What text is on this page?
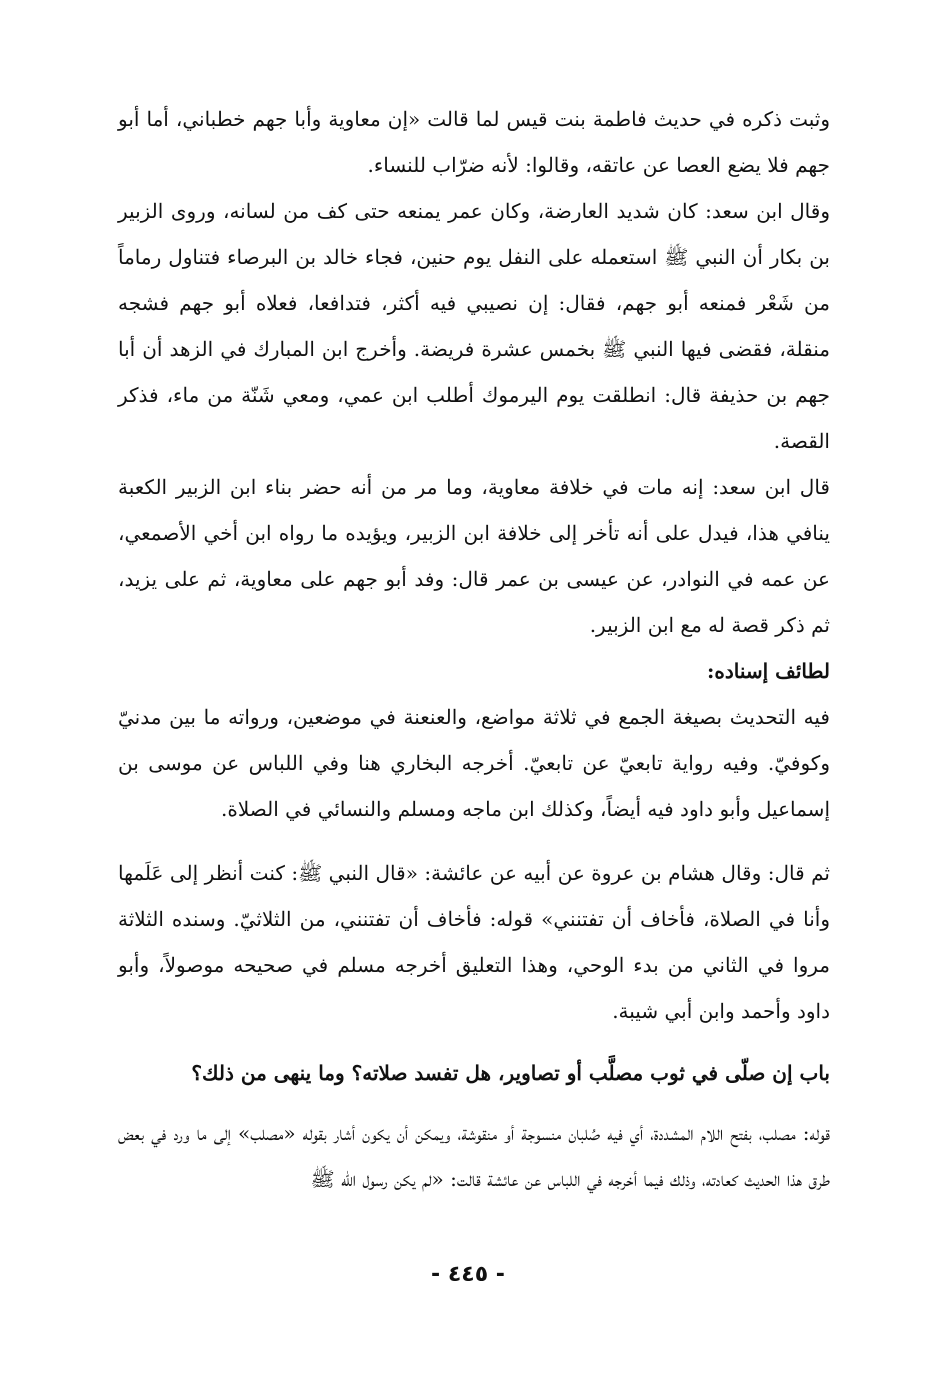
وثبت ذكره في حديث فاطمة بنت قيس لما قالت «إن معاوية وأبا جهم خطباني، أما أبو جهم فلا يضع العصا عن عاتقه، وقالوا: لأنه ضرّاب للنساء.

وقال ابن سعد: كان شديد العارضة، وكان عمر يمنعه حتى كف من لسانه، وروى الزبير بن بكار أن النبي ﷺ استعمله على النفل يوم حنين، فجاء خالد بن البرصاء فتناول رماماً من شَعْر فمنعه أبو جهم، فقال: إن نصيبي فيه أكثر، فتدافعا، فعلاه أبو جهم فشجه منقلة، فقضى فيها النبي ﷺ بخمس عشرة فريضة. وأخرج ابن المبارك في الزهد أن أبا جهم بن حذيفة قال: انطلقت يوم اليرموك أطلب ابن عمي، ومعي شَنّة من ماء، فذكر القصة.

قال ابن سعد: إنه مات في خلافة معاوية، وما مر من أنه حضر بناء ابن الزبير الكعبة ينافي هذا، فيدل على أنه تأخر إلى خلافة ابن الزبير، ويؤيده ما رواه ابن أخي الأصمعي، عن عمه في النوادر، عن عيسى بن عمر قال: وفد أبو جهم على معاوية، ثم على يزيد، ثم ذكر قصة له مع ابن الزبير.

لطائف إسناده:

فيه التحديث بصيغة الجمع في ثلاثة مواضع، والعنعنة في موضعين، ورواته ما بين مدنيّ وكوفيّ. وفيه رواية تابعيّ عن تابعيّ. أخرجه البخاري هنا وفي اللباس عن موسى بن إسماعيل وأبو داود فيه أيضاً، وكذلك ابن ماجه ومسلم والنسائي في الصلاة.

ثم قال: وقال هشام بن عروة عن أبيه عن عائشة: «قال النبي ﷺ: كنت أنظر إلى عَلَمها وأنا في الصلاة، فأخاف أن تفتنني» قوله: فأخاف أن تفتنني، من الثلاثيّ. وسنده الثلاثة مروا في الثاني من بدء الوحي، وهذا التعليق أخرجه مسلم في صحيحه موصولاً، وأبو داود وأحمد وابن أبي شيبة.

باب إن صلّى في ثوب مصلَّب أو تصاوير، هل تفسد صلاته؟ وما ينهى من ذلك؟

قوله: مصلب، بفتح اللام المشددة، أي فيه صُلبان منسوجة أو منقوشة، ويمكن أن يكون أشار بقوله «مصلب» إلى ما ورد في بعض طرق هذا الحديث كعادته، وذلك فيما أخرجه في اللباس عن عائشة قالت: «لم يكن رسول الله ﷺ

- ٤٤٥ -
